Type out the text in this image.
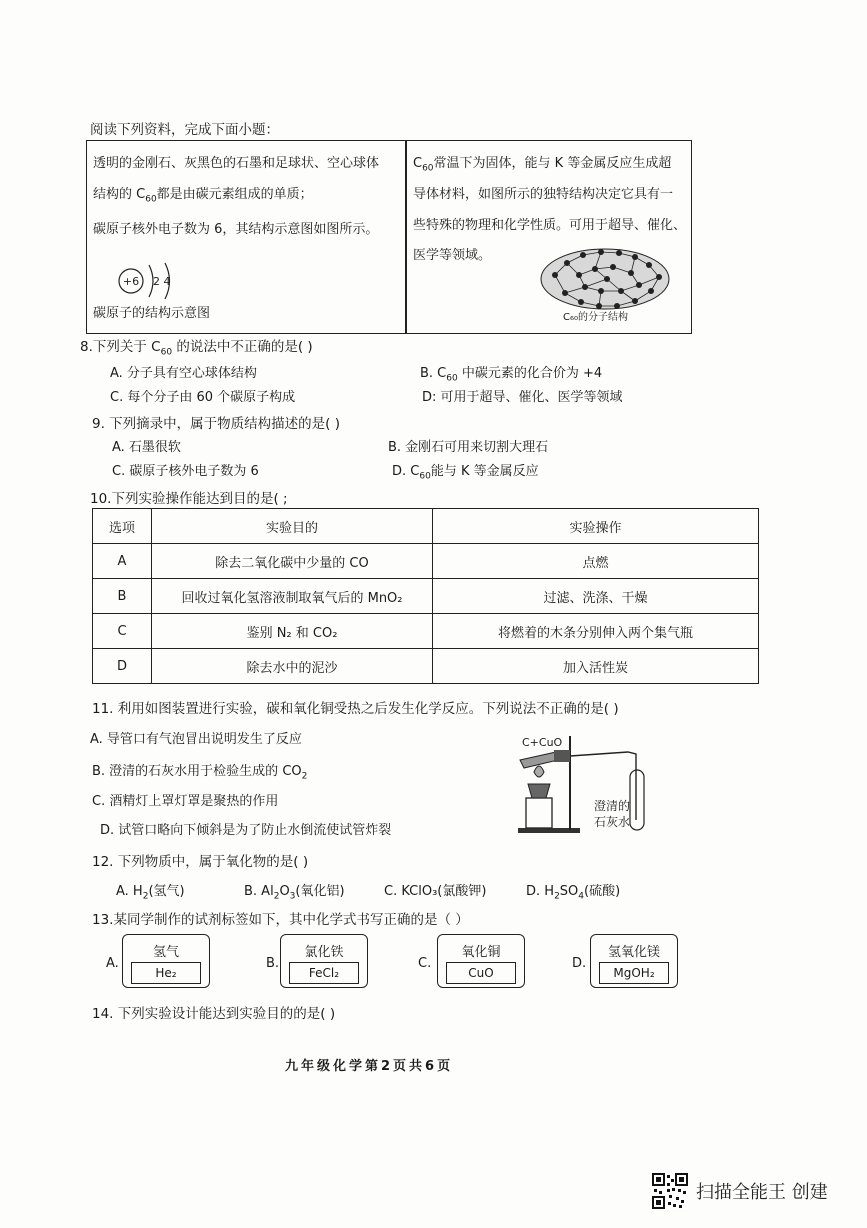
阅读下列资料，完成下面小题：
透明的金刚石、灰黑色的石墨和足球状、空心球体
结构的 $C_{60}$都是由碳元素组成的单质；
碳原子核外电子数为 6，其结构示意图如图所示。
+6 2 4
碳原子的结构示意图
$C_{60}$常温下为固体，能与 K 等金属反应生成超
导体材料，如图所示的独特结构决定它具有一
些特殊的物理和化学性质。可用于超导、催化、
医学等领域。
C₆₀的分子结构
8.下列关于 $C_{60}$ 的说法中不正确的是( )
A. 分子具有空心球体结构	B. $C_{60}$ 中碳元素的化合价为 +4
C. 每个分子由 60 个碳原子构成	D: 可用于超导、催化、医学等领域
9. 下列摘录中，属于物质结构描述的是( )
A. 石墨很软	B. 金刚石可用来切割大理石
C. 碳原子核外电子数为 6	D. $C_{60}$能与 K 等金属反应
10.下列实验操作能达到目的是( ;
选项	实验目的	实验操作
A	除去二氧化碳中少量的 CO	点燃
B	回收过氧化氢溶液制取氧气后的 MnO₂	过滤、洗涤、干燥
C	鉴别 N₂ 和 CO₂	将燃着的木条分别伸入两个集气瓶
D	除去水中的泥沙	加入活性炭
11. 利用如图装置进行实验，碳和氧化铜受热之后发生化学反应。下列说法不正确的是( )
A. 导管口有气泡冒出说明发生了反应
B. 澄清的石灰水用于检验生成的 $CO_2$
C. 酒精灯上罩灯罩是聚热的作用
D. 试管口略向下倾斜是为了防止水倒流使试管炸裂
C+CuO
澄清的
石灰水
12. 下列物质中，属于氧化物的是( )
A. $H_2$(氢气)	B. $Al_2O_3$(氧化铝)	C. KClO₃(氯酸钾)	D. $H_2SO_4$(硫酸)
13.某同学制作的试剂标签如下，其中化学式书写正确的是（ ）
A.
氢气
He₂
B.
氯化铁
FeCl₂
C.
氧化铜
CuO
D.
氢氧化镁
MgOH₂
14. 下列实验设计能达到实验目的的是( )
九年级化学第2页共6页
扫描全能王 创建
